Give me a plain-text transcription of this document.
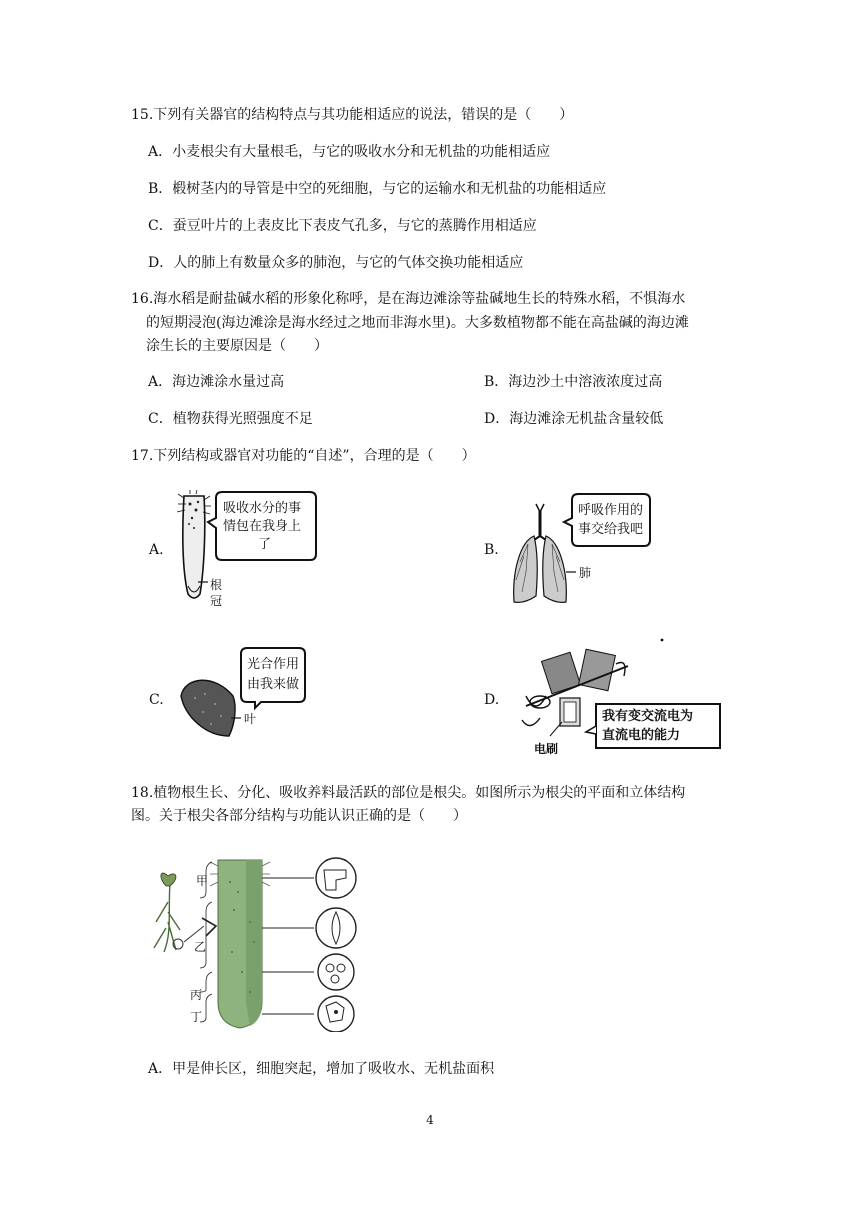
15.下列有关器官的结构特点与其功能相适应的说法，错误的是（　　）
A．小麦根尖有大量根毛，与它的吸收水分和无机盐的功能相适应
B．椴树茎内的导管是中空的死细胞，与它的运输水和无机盐的功能相适应
C．蚕豆叶片的上表皮比下表皮气孔多，与它的蒸腾作用相适应
D．人的肺上有数量众多的肺泡，与它的气体交换功能相适应
16.海水稻是耐盐碱水稻的形象化称呼，是在海边滩涂等盐碱地生长的特殊水稻，不惧海水
的短期浸泡(海边滩涂是海水经过之地而非海水里)。大多数植物都不能在高盐碱的海边滩
涂生长的主要原因是（　　）
A．海边滩涂水量过高	B．海边沙土中溶液浓度过高
C．植物获得光照强度不足	D．海边滩涂无机盐含量较低
17.下列结构或器官对功能的“自述”，合理的是（　　）
A.	B.
C.	D.
吸收水分的事
情包在我身上
了
根
冠
呼吸作用的
事交给我吧
肺
光合作用
由我来做
叶	我有变交流电为
直流电的能力
电刷
18.植物根生长、分化、吸收养料最活跃的部位是根尖。如图所示为根尖的平面和立体结构
图。关于根尖各部分结构与功能认识正确的是（　　）
甲
乙
丙
丁
A．甲是伸长区，细胞突起，增加了吸收水、无机盐面积
4
